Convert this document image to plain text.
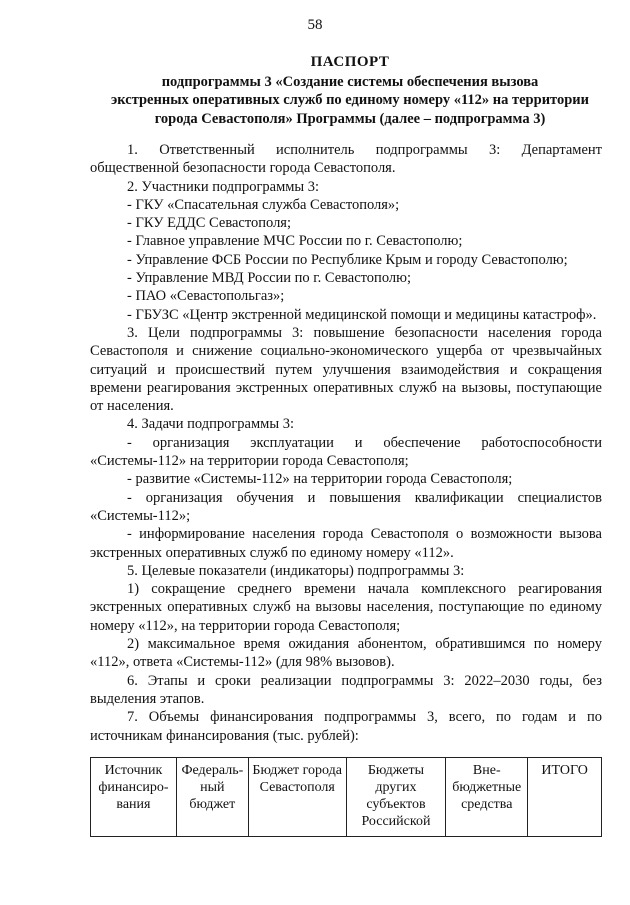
58
ПАСПОРТ
подпрограммы 3 «Создание системы обеспечения вызова
экстренных оперативных служб по единому номеру «112» на территории
города Севастополя» Программы (далее – подпрограмма 3)

1. Ответственный исполнитель подпрограммы 3: Департамент общественной безопасности города Севастополя.

2. Участники подпрограммы 3:

- ГКУ «Спасательная служба Севастополя»;

- ГКУ ЕДДС Севастополя;

- Главное управление МЧС России по г. Севастополю;

- Управление ФСБ России по Республике Крым и городу Севастополю;

- Управление МВД России по г. Севастополю;

- ПАО «Севастопольгаз»;

- ГБУЗС «Центр экстренной медицинской помощи и медицины катастроф».

3. Цели подпрограммы 3: повышение безопасности населения города Севастополя и снижение социально-экономического ущерба от чрезвычайных ситуаций и происшествий путем улучшения взаимодействия и сокращения времени реагирования экстренных оперативных служб на вызовы, поступающие от населения.

4. Задачи подпрограммы 3:

- организация эксплуатации и обеспечение работоспособности «Системы-112» на территории города Севастополя;

- развитие «Системы-112» на территории города Севастополя;

- организация обучения и повышения квалификации специалистов «Системы-112»;

- информирование населения города Севастополя о возможности вызова экстренных оперативных служб по единому номеру «112».

5. Целевые показатели (индикаторы) подпрограммы 3:

1) сокращение среднего времени начала комплексного реагирования экстренных оперативных служб на вызовы населения, поступающие по единому номеру «112», на территории города Севастополя;

2) максимальное время ожидания абонентом, обратившимся по номеру «112», ответа «Системы-112» (для 98% вызовов).

6. Этапы и сроки реализации подпрограммы 3: 2022–2030 годы, без выделения этапов.

7. Объемы финансирования подпрограммы 3, всего, по годам и по источникам финансирования (тыс. рублей):

Источник финансиро-вания	Федераль-ный бюджет	Бюджет города Севастополя	Бюджеты других субъектов Российской	Вне-бюджетные средства	ИТОГО
